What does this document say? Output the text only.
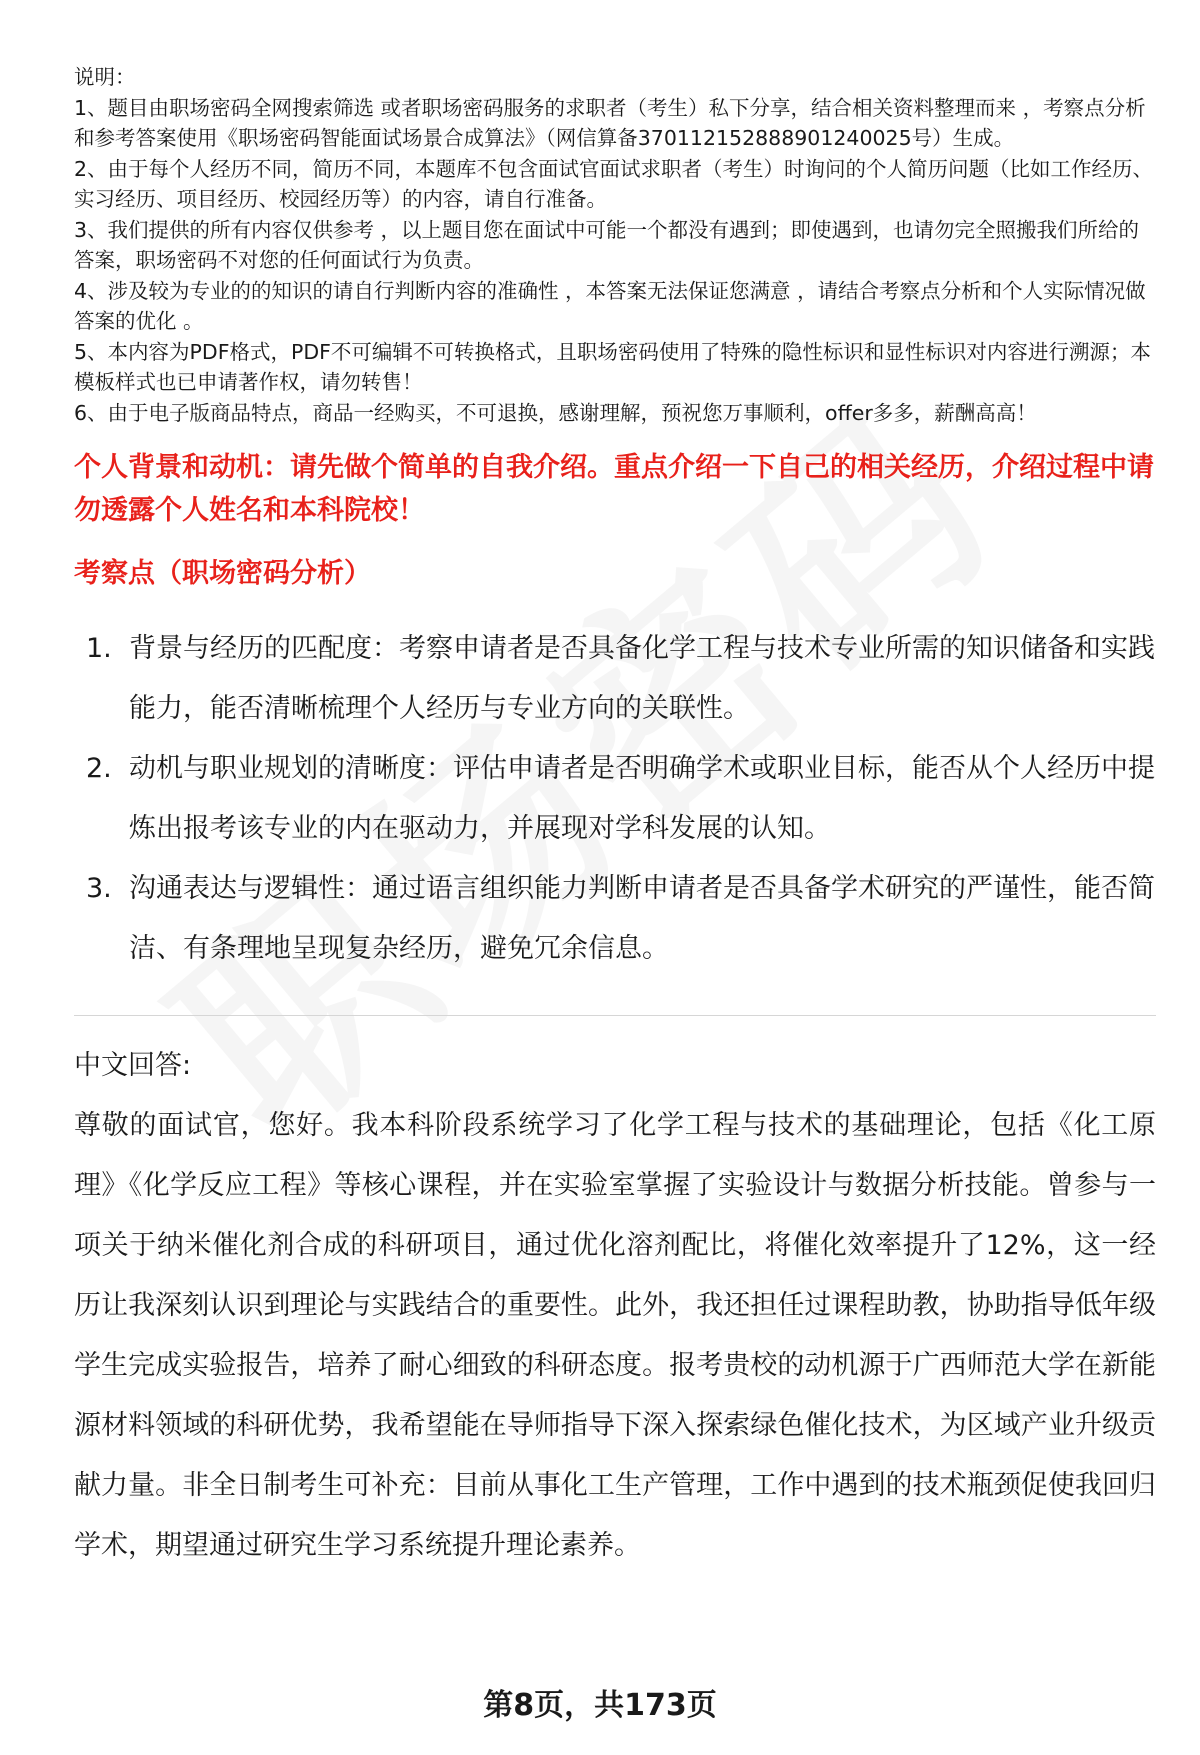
说明：

1、题目由职场密码全网搜索筛选 或者职场密码服务的求职者（考生）私下分享，结合相关资料整理而来 ，考察点分析和参考答案使用《职场密码智能面试场景合成算法》（网信算备370112152888901240025号）生成。

2、由于每个人经历不同，简历不同，本题库不包含面试官面试求职者（考生）时询问的个人简历问题（比如工作经历、实习经历、项目经历、校园经历等）的内容，请自行准备。

3、我们提供的所有内容仅供参考 ，以上题目您在面试中可能一个都没有遇到；即使遇到，也请勿完全照搬我们所给的答案，职场密码不对您的任何面试行为负责。

4、涉及较为专业的的知识的请自行判断内容的准确性 ，本答案无法保证您满意 ，请结合考察点分析和个人实际情况做答案的优化 。

5、本内容为PDF格式，PDF不可编辑不可转换格式，且职场密码使用了特殊的隐性标识和显性标识对内容进行溯源；本模板样式也已申请著作权，请勿转售！

6、由于电子版商品特点，商品一经购买，不可退换，感谢理解，预祝您万事顺利，offer多多，薪酬高高！

个人背景和动机：请先做个简单的自我介绍。重点介绍一下自己的相关经历，介绍过程中请勿透露个人姓名和本科院校！
考察点（职场密码分析）
1. 背景与经历的匹配度：考察申请者是否具备化学工程与技术专业所需的知识储备和实践能力，能否清晰梳理个人经历与专业方向的关联性。
2. 动机与职业规划的清晰度：评估申请者是否明确学术或职业目标，能否从个人经历中提炼出报考该专业的内在驱动力，并展现对学科发展的认知。
3. 沟通表达与逻辑性：通过语言组织能力判断申请者是否具备学术研究的严谨性，能否简洁、有条理地呈现复杂经历，避免冗余信息。
中文回答:
尊敬的面试官，您好。我本科阶段系统学习了化学工程与技术的基础理论，包括《化工原理》《化学反应工程》等核心课程，并在实验室掌握了实验设计与数据分析技能。曾参与一项关于纳米催化剂合成的科研项目，通过优化溶剂配比，将催化效率提升了12%，这一经历让我深刻认识到理论与实践结合的重要性。此外，我还担任过课程助教，协助指导低年级学生完成实验报告，培养了耐心细致的科研态度。报考贵校的动机源于广西师范大学在新能源材料领域的科研优势，我希望能在导师指导下深入探索绿色催化技术，为区域产业升级贡献力量。非全日制考生可补充：目前从事化工生产管理，工作中遇到的技术瓶颈促使我回归学术，期望通过研究生学习系统提升理论素养。
第8页，共173页
